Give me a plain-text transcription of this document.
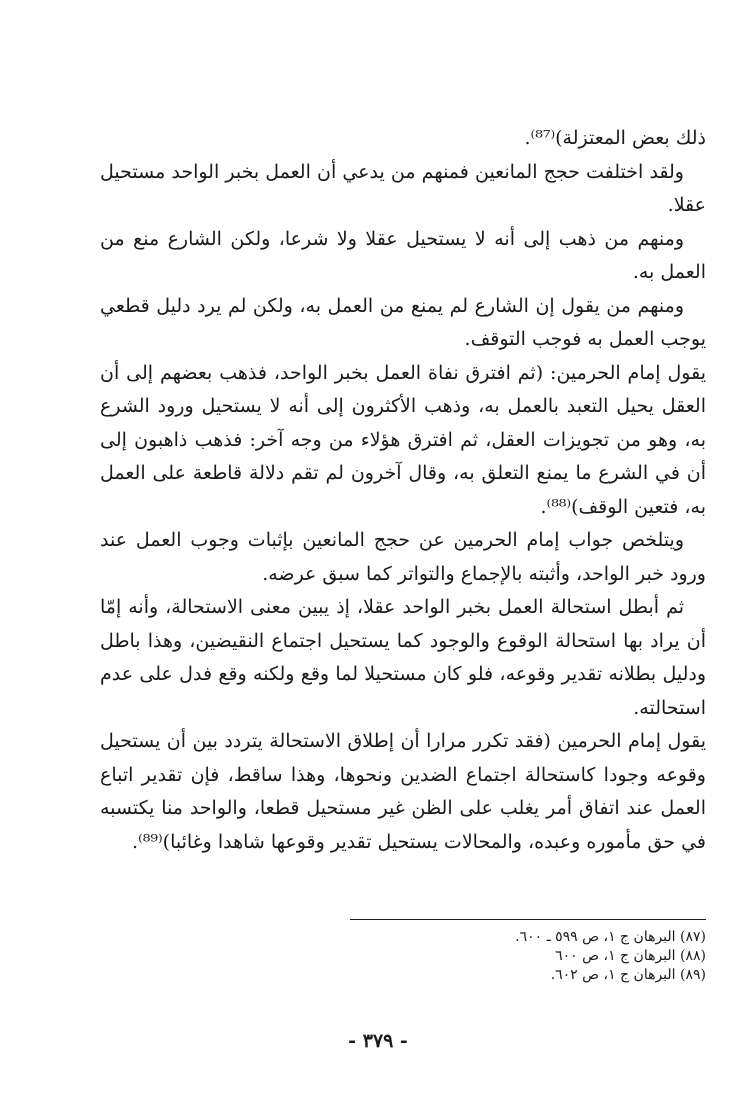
ذلك بعض المعتزلة)⁽⁸⁷⁾.

ولقد اختلفت حجج المانعين فمنهم من يدعي أن العمل بخبر الواحد مستحيل عقلا.

ومنهم من ذهب إلى أنه لا يستحيل عقلا ولا شرعا، ولكن الشارع منع من العمل به.

ومنهم من يقول إن الشارع لم يمنع من العمل به، ولكن لم يرد دليل قطعي يوجب العمل به فوجب التوقف.

يقول إمام الحرمين: (ثم افترق نفاة العمل بخبر الواحد، فذهب بعضهم إلى أن العقل يحيل التعبد بالعمل به، وذهب الأكثرون إلى أنه لا يستحيل ورود الشرع به، وهو من تجويزات العقل، ثم افترق هؤلاء من وجه آخر: فذهب ذاهبون إلى أن في الشرع ما يمنع التعلق به، وقال آخرون لم تقم دلالة قاطعة على العمل به، فتعين الوقف)⁽⁸⁸⁾.

ويتلخص جواب إمام الحرمين عن حجج المانعين بإثبات وجوب العمل عند ورود خبر الواحد، وأثبته بالإجماع والتواتر كما سبق عرضه.

ثم أبطل استحالة العمل بخبر الواحد عقلا، إذ يبين معنى الاستحالة، وأنه إمّا أن يراد بها استحالة الوقوع والوجود كما يستحيل اجتماع النقيضين، وهذا باطل ودليل بطلانه تقدير وقوعه، فلو كان مستحيلا لما وقع ولكنه وقع فدل على عدم استحالته.

يقول إمام الحرمين (فقد تكرر مرارا أن إطلاق الاستحالة يتردد بين أن يستحيل وقوعه وجودا كاستحالة اجتماع الضدين ونحوها، وهذا ساقط، فإن تقدير اتباع العمل عند اتفاق أمر يغلب على الظن غير مستحيل قطعا، والواحد منا يكتسبه في حق مأموره وعبده، والمحالات يستحيل تقدير وقوعها شاهدا وغائبا)⁽⁸⁹⁾.

(٨٧) البرهان ج ١، ص ٥٩٩ ـ ٦٠٠.

(٨٨) البرهان ج ١، ص ٦٠٠

(٨٩) البرهان ج ١، ص ٦٠٢.

- ٣٧٩ -
